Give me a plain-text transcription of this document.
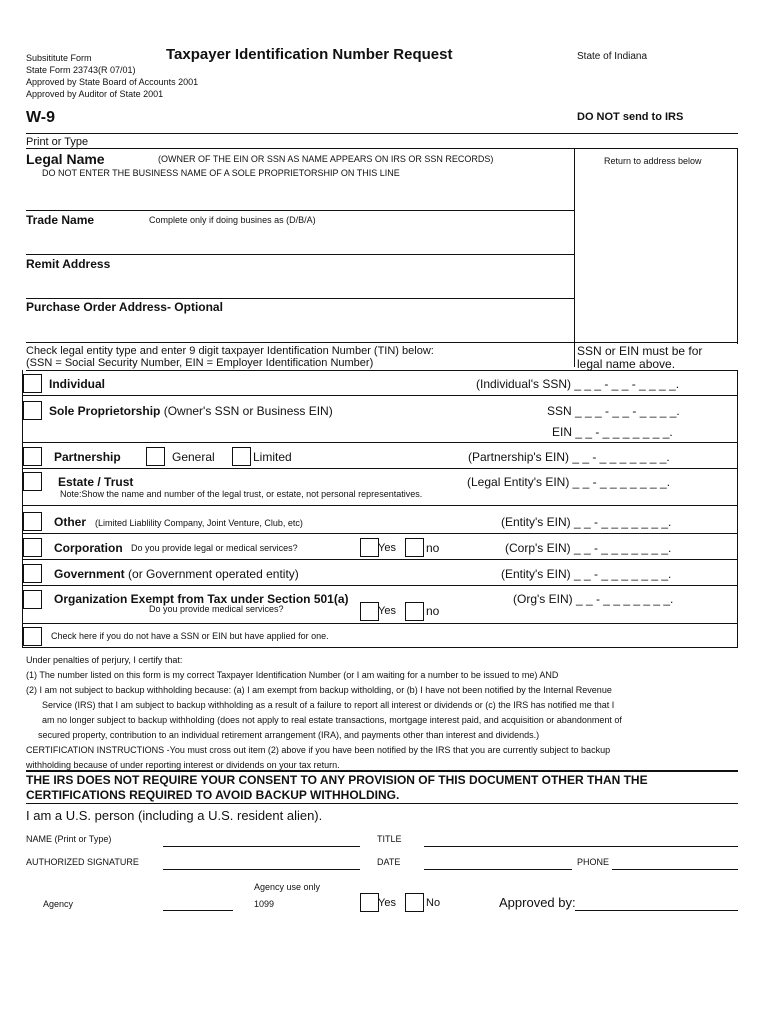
Subsititute Form
State Form 23743(R 07/01)
Approved by State Board of Accounts 2001
Approved by Auditor of State 2001
Taxpayer Identification Number Request	State of Indiana
W-9	DO NOT send to IRS
Print or Type
Return to address below
Legal Name	(OWNER OF THE EIN OR SSN AS NAME APPEARS ON IRS OR SSN RECORDS)
DO NOT ENTER THE BUSINESS NAME OF A SOLE PROPRIETORSHIP ON THIS LINE
Trade Name	Complete only if doing busines as (D/B/A)
Remit Address
Purchase Order Address- Optional
Check legal entity type and enter 9 digit taxpayer Identification Number (TIN) below:
(SSN = Social Security Number, EIN = Employer Identification Number)
SSN or EIN must be for
legal name above.
Individual	(Individual's SSN) _ _ _ - _ _ - _ _ _ _.
Sole Proprietorship (Owner's SSN or Business EIN)	SSN _ _ _ - _ _ - _ _ _ _.
EIN _ _ - _ _ _ _ _ _ _.
Partnership	General	Limited	(Partnership's EIN) _ _ - _ _ _ _ _ _ _.
Estate / Trust	(Legal Entity's EIN) _ _ - _ _ _ _ _ _ _.
Note:Show the name and number of the legal trust, or estate, not personal representatives.
Other (Limited Liablility Company, Joint Venture, Club, etc)	(Entity's EIN) _ _ - _ _ _ _ _ _ _.
Corporation Do you provide legal or medical services?	Yes	no	(Corp's EIN) _ _ - _ _ _ _ _ _ _.
Government (or Government operated entity)	(Entity's EIN) _ _ - _ _ _ _ _ _ _.
Organization Exempt from Tax under Section 501(a)
Do you provide medical services?	Yes	no
(Org's EIN) _ _ - _ _ _ _ _ _ _.
Check here if you do not have a SSN or EIN but have applied for one.
Under penalties of perjury, I certify that:
(1) The number listed on this form is my correct Taxpayer Identification Number (or I am waiting for a number to be issued to me) AND
(2) I am not subject to backup withholding because: (a) I am exempt from backup witholding, or (b) I have not been notified by the Internal Revenue
Service (IRS) that I am subject to backup withholding as a result of a failure to report all interest or dividends or (c) the IRS has notified me that I
am no longer subject to backup withholding (does not apply to real estate transactions, mortgage interest paid, and acquisition or abandonment of
secured property, contribution to an individual retirement arrangement (IRA), and payments other than interest and dividends.)
CERTIFICATION INSTRUCTIONS -You must cross out item (2) above if you have been notified by the IRS that you are currently subject to backup
withholding because of under reporting interest or dividends on your tax return.
THE IRS DOES NOT REQUIRE YOUR CONSENT TO ANY PROVISION OF THIS DOCUMENT OTHER THAN THE
CERTIFICATIONS REQUIRED TO AVOID BACKUP WITHHOLDING.
I am a U.S. person (including a U.S. resident alien).
NAME (Print or Type)	TITLE
AUTHORIZED SIGNATURE	DATE	PHONE
Agency use only
Agency	1099	Yes	No	Approved by:
